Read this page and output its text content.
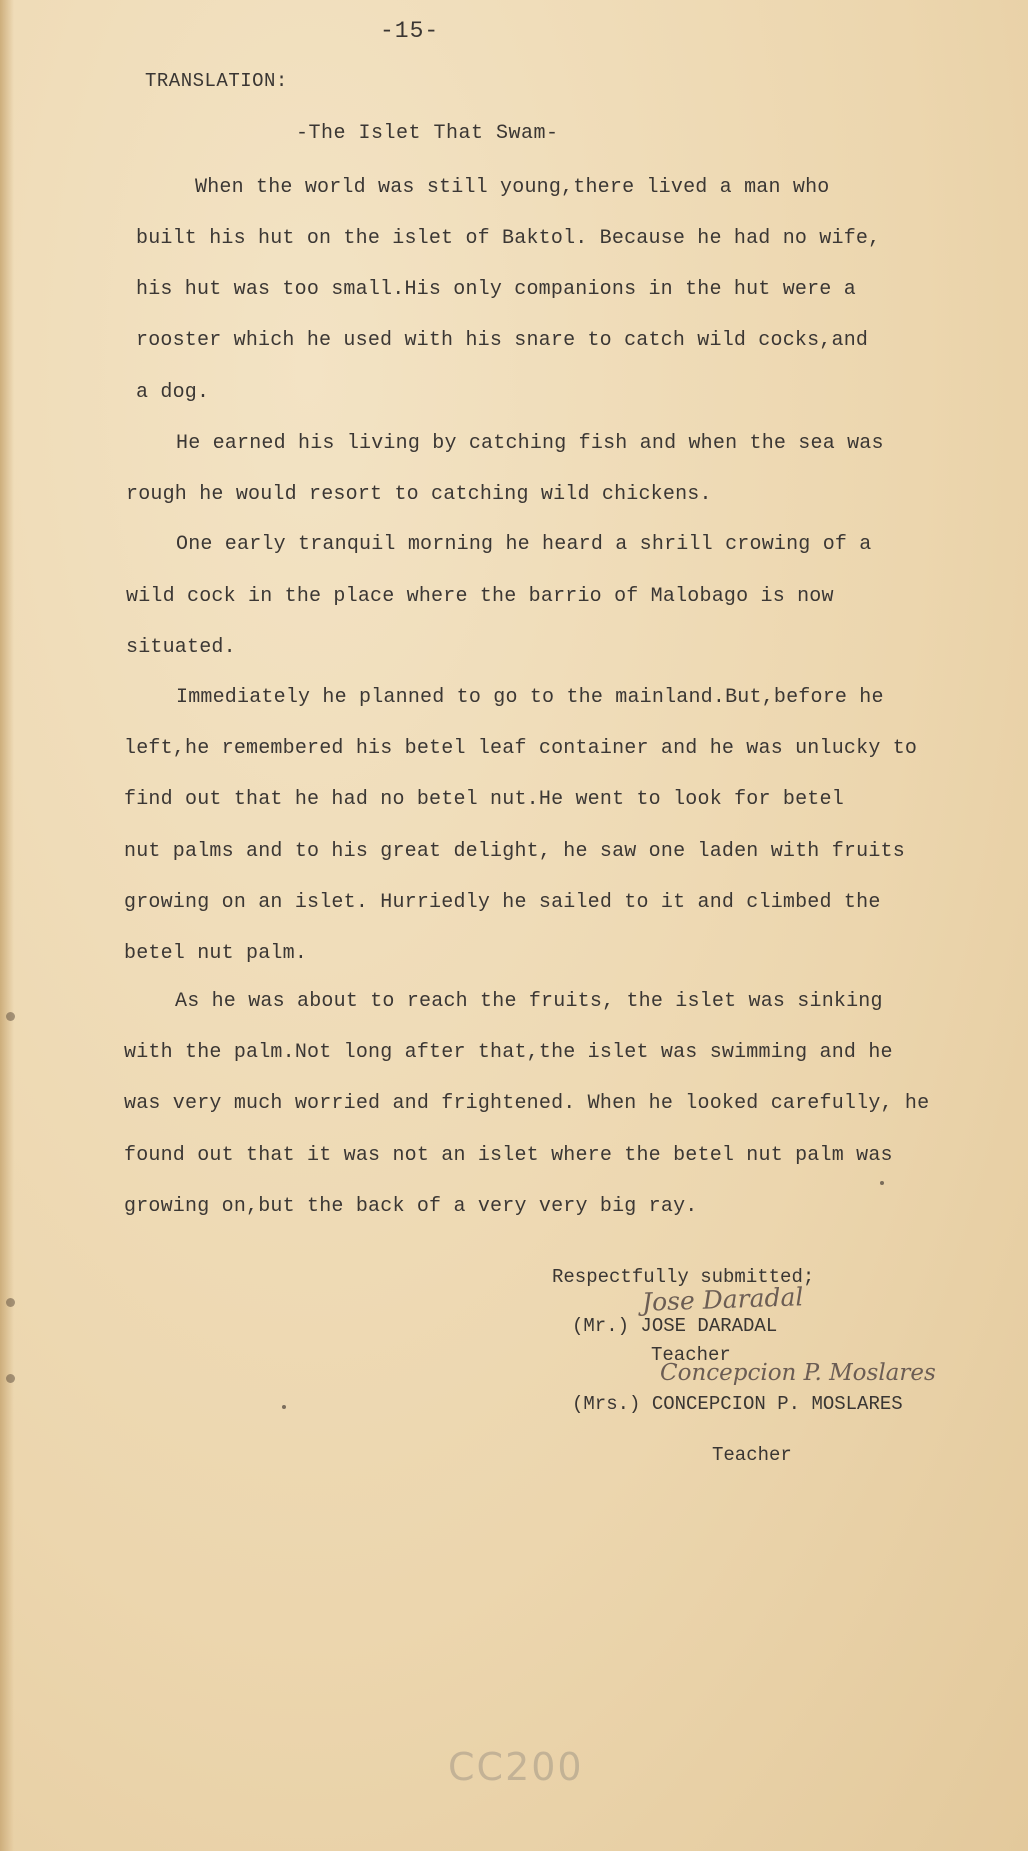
-15-
TRANSLATION:
-The Islet That Swam-
When the world was still young,there lived a man who
built his hut on the islet of Baktol. Because he had no wife,
his hut was too small.His only companions in the hut were a
rooster which he used with his snare to catch wild cocks,and
a dog.
He earned his living by catching fish and when the sea was
rough he would resort to catching wild chickens.
One early tranquil morning he heard a shrill crowing of a
wild cock in the place where the barrio of Malobago is now
situated.
Immediately he planned to go to the mainland.But,before he
left,he remembered his betel leaf container and he was unlucky to
find out that he had no betel nut.He went to look for betel
nut palms and to his great delight, he saw one laden with fruits
growing on an islet. Hurriedly he sailed to it and climbed the
betel nut palm.
As he was about to reach the fruits, the islet was sinking
with the palm.Not long after that,the islet was swimming and he
was very much worried and frightened. When he looked carefully, he
found out that it was not an islet where the betel nut palm was
growing on,but the back of a very very big ray.
Respectfully submitted;
Jose Daradal
(Mr.) JOSE DARADAL
Teacher
Concepcion P. Moslares
(Mrs.) CONCEPCION P. MOSLARES
Teacher
CC200
